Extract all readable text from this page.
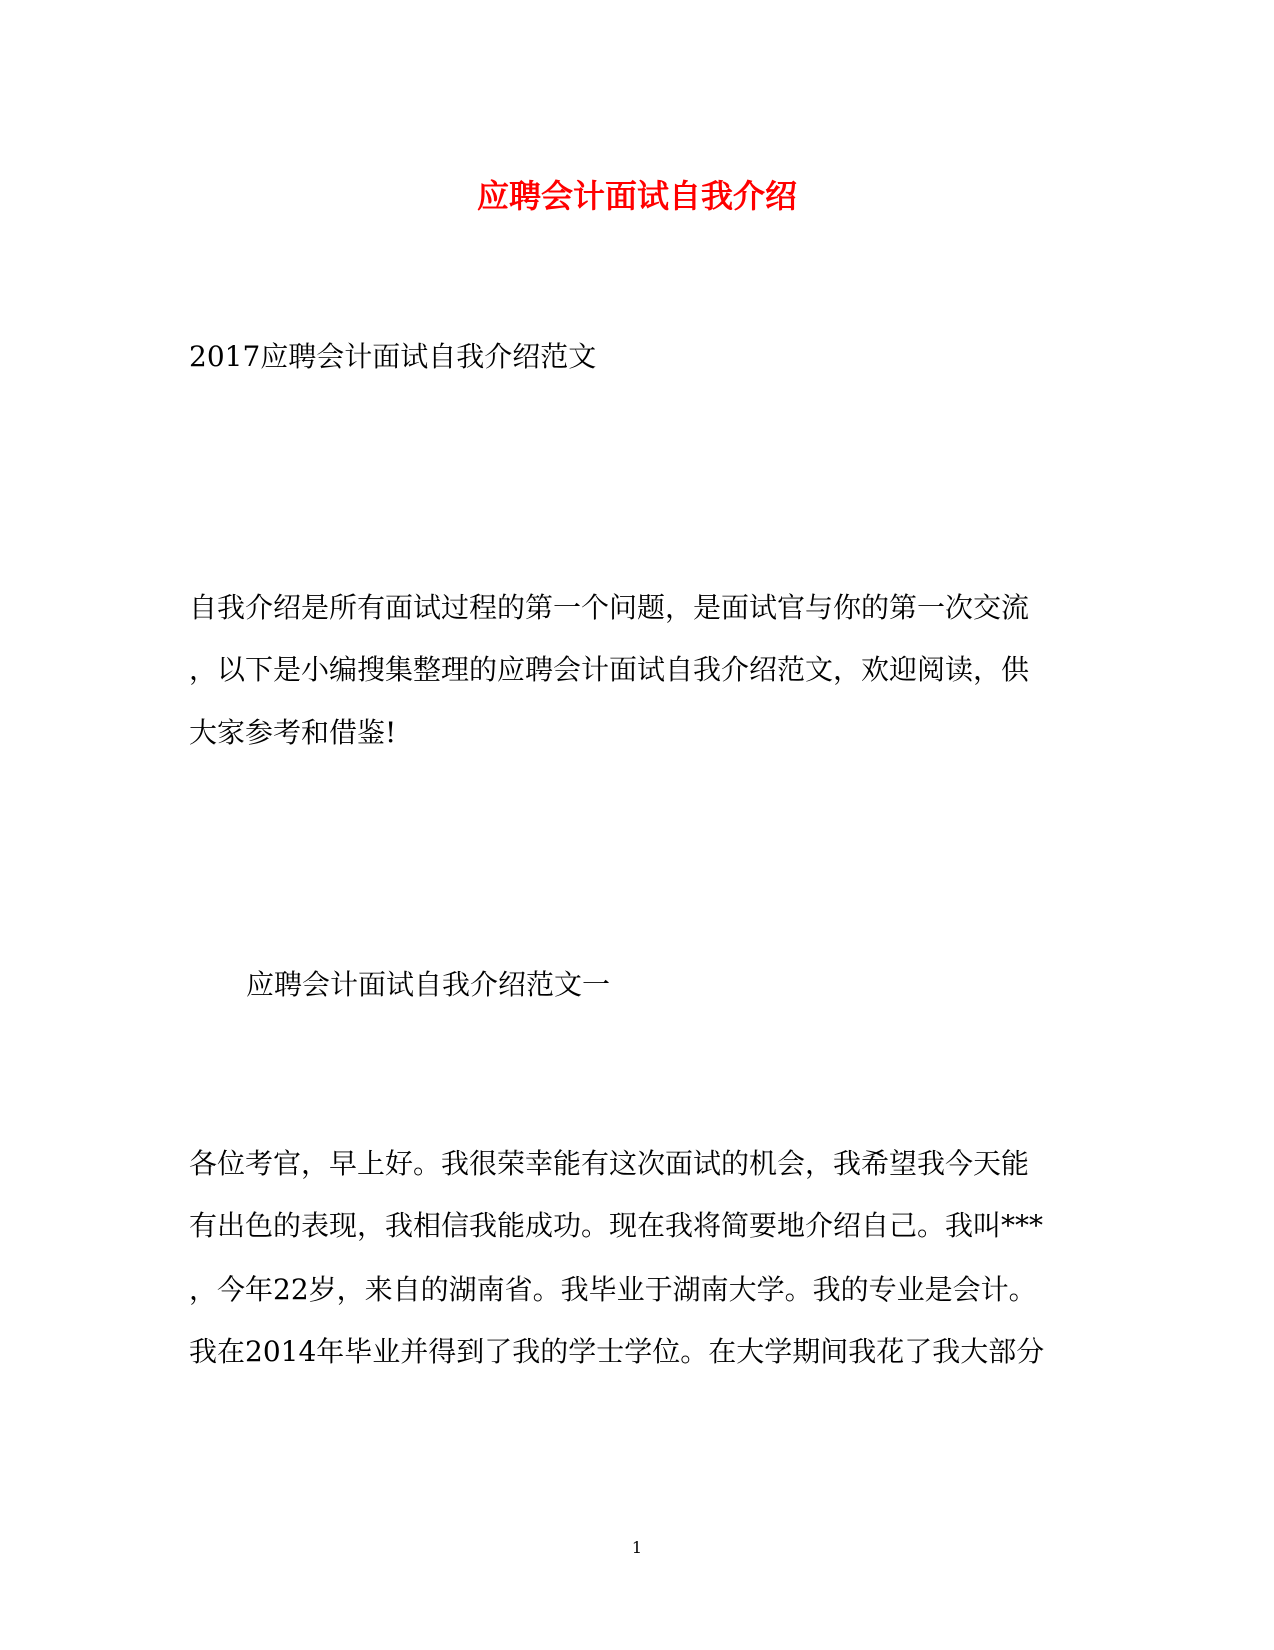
应聘会计面试自我介绍
2017应聘会计面试自我介绍范文
自我介绍是所有面试过程的第一个问题，是面试官与你的第一次交流
，以下是小编搜集整理的应聘会计面试自我介绍范文，欢迎阅读，供
大家参考和借鉴!
应聘会计面试自我介绍范文一
各位考官，早上好。我很荣幸能有这次面试的机会，我希望我今天能
有出色的表现，我相信我能成功。现在我将简要地介绍自己。我叫***
，今年22岁，来自的湖南省。我毕业于湖南大学。我的专业是会计。
我在2014年毕业并得到了我的学士学位。在大学期间我花了我大部分
1
